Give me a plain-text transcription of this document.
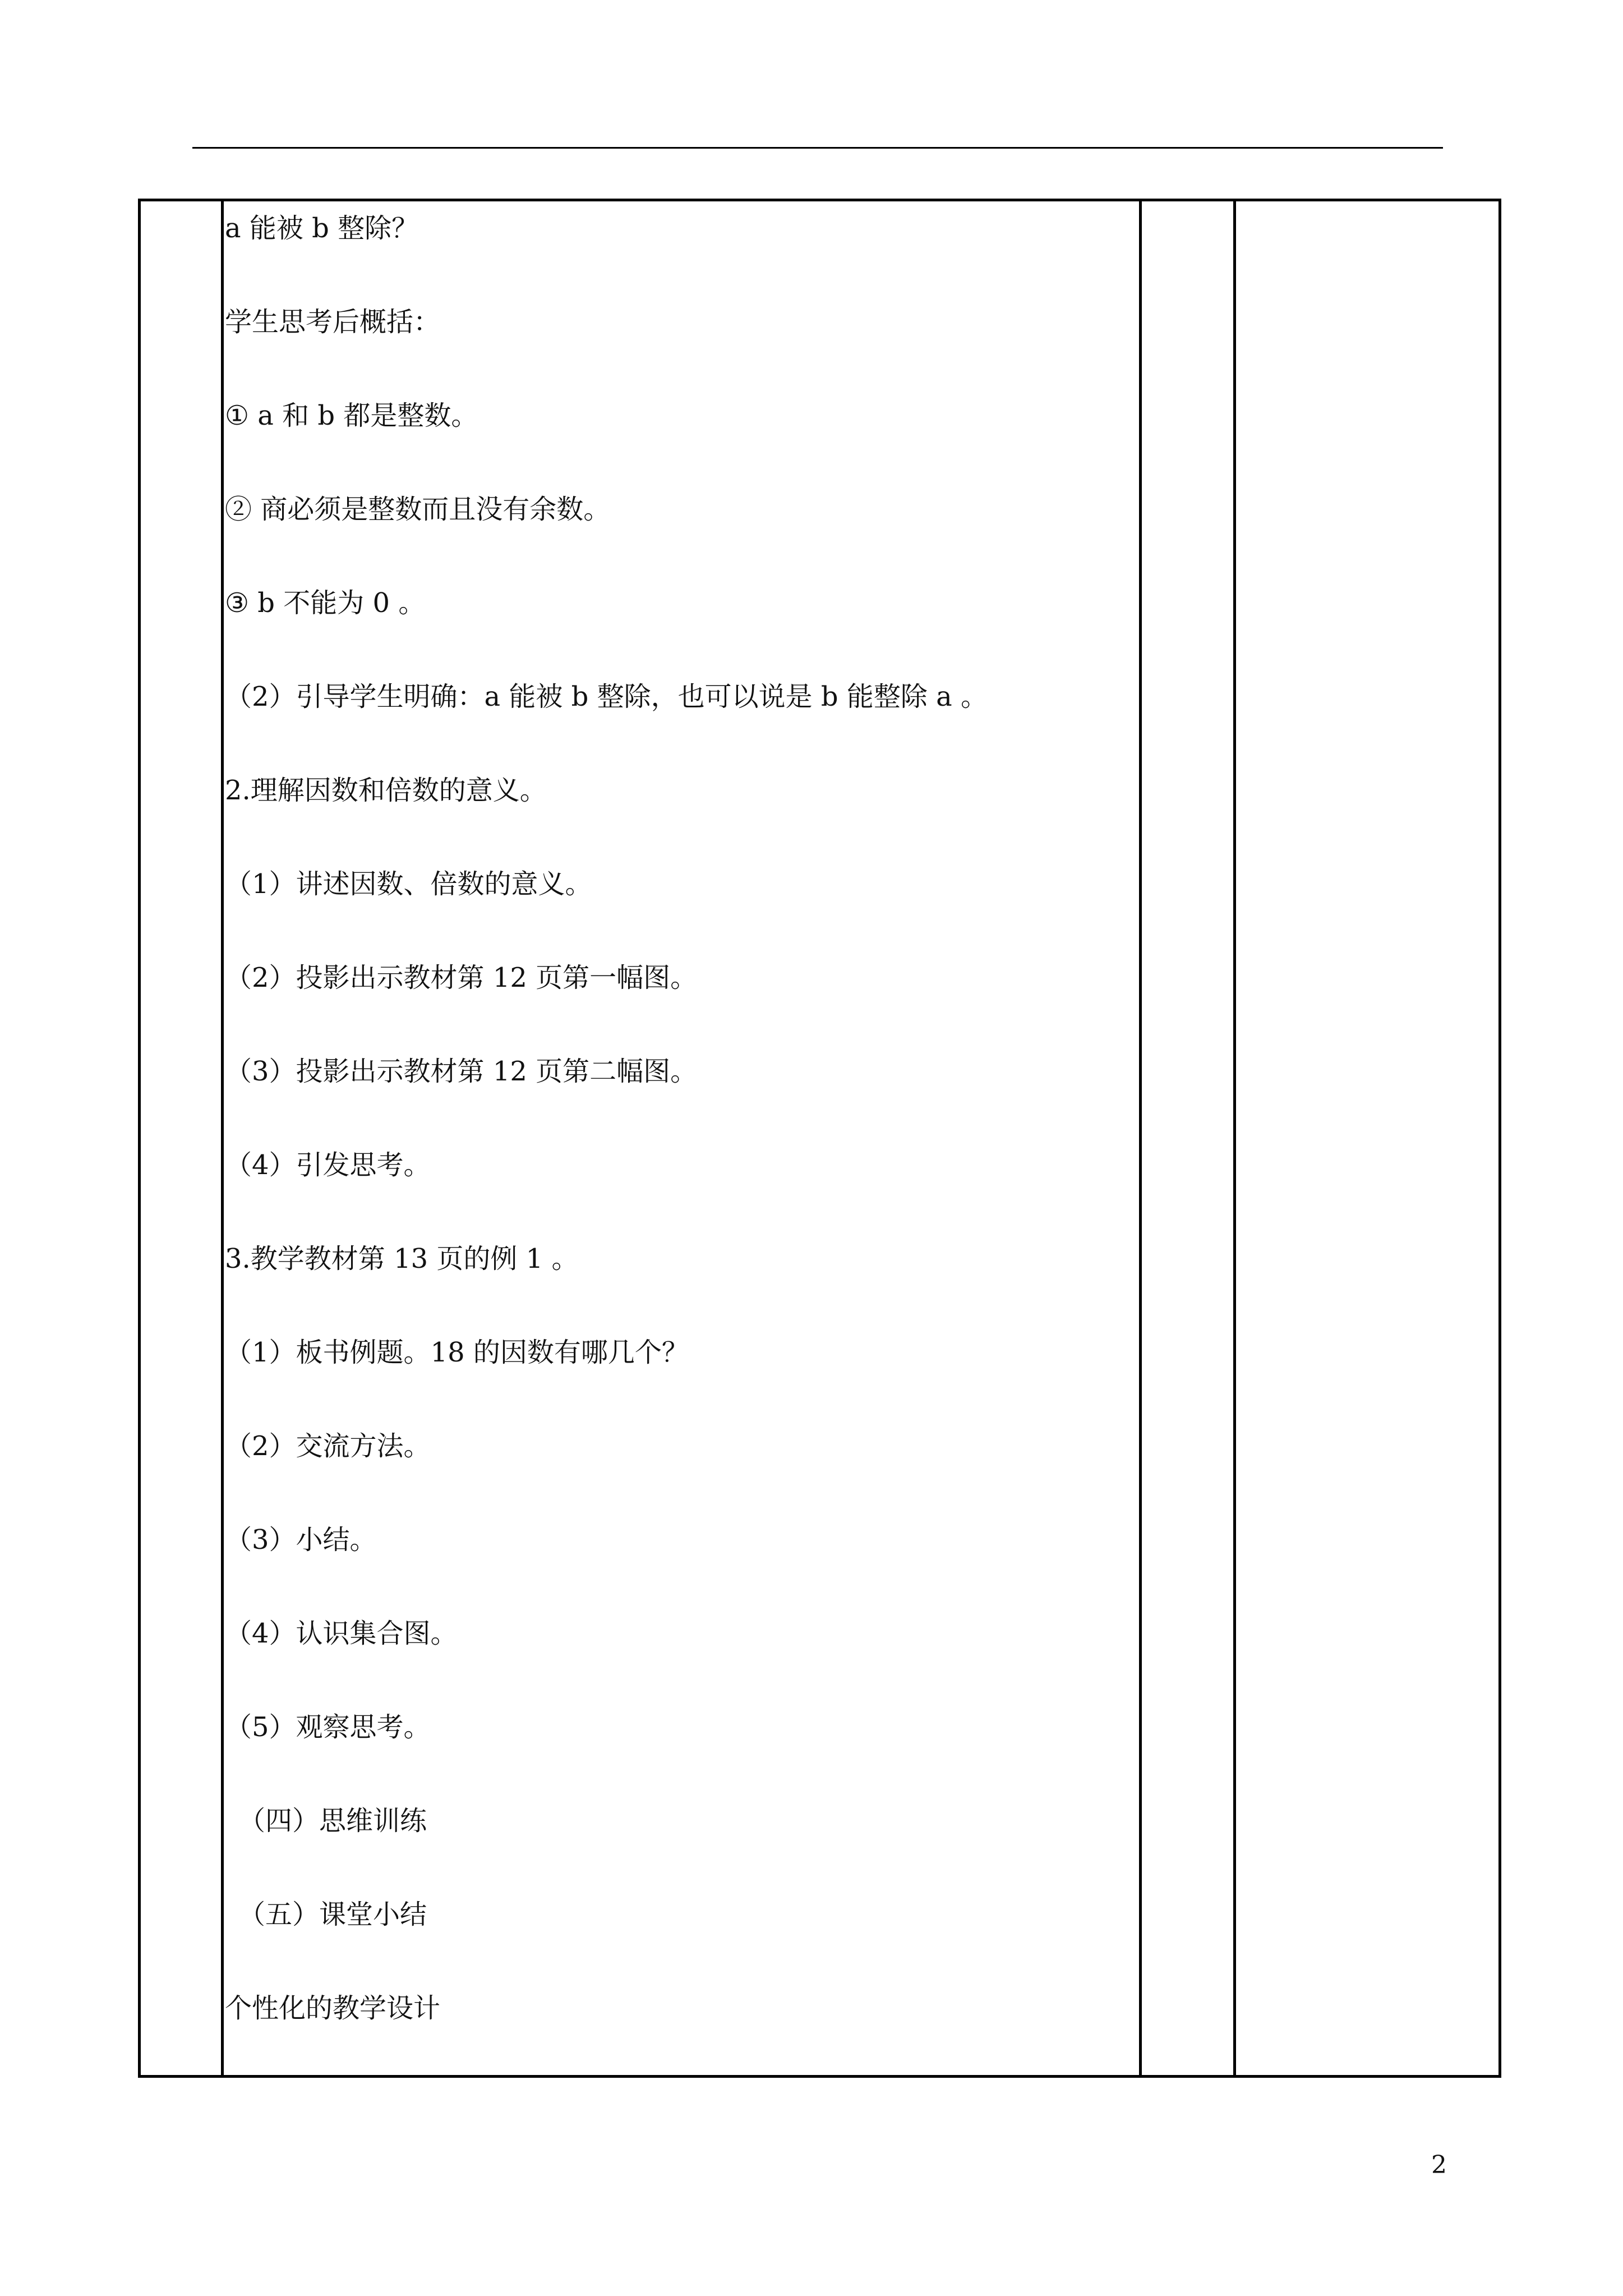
a 能被 b 整除？
学生思考后概括：
① a 和 b 都是整数。
② 商必须是整数而且没有余数。
③ b 不能为 0 。
（2）引导学生明确：a 能被 b 整除，也可以说是 b 能整除 a 。
2.理解因数和倍数的意义。
（1）讲述因数、倍数的意义。
（2）投影出示教材第 12 页第一幅图。
（3）投影出示教材第 12 页第二幅图。
（4）引发思考。
3.教学教材第 13 页的例 1 。
（1）板书例题。18 的因数有哪几个？
（2）交流方法。
（3）小结。
（4）认识集合图。
（5）观察思考。
（四）思维训练
（五）课堂小结
个性化的教学设计

2
